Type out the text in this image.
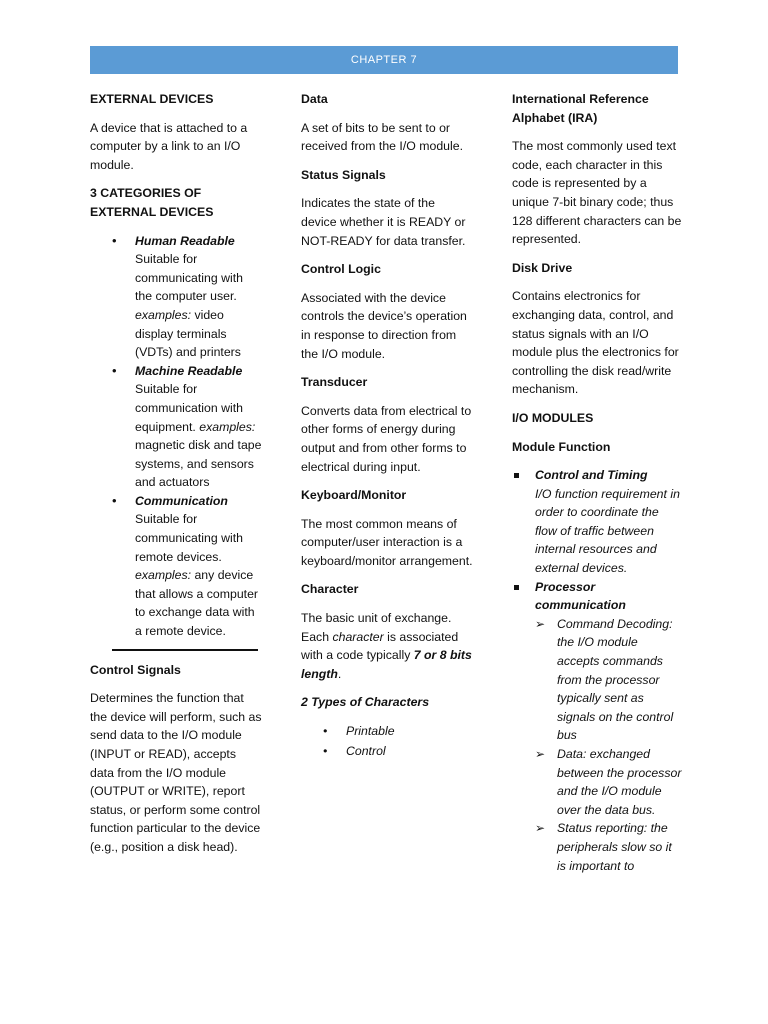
CHAPTER 7

EXTERNAL DEVICES

A device that is attached to a computer by a link to an I/O module.

3 CATEGORIES OF EXTERNAL DEVICES

• Human Readable
Suitable for communicating with the computer user. examples: video display terminals (VDTs) and printers
• Machine Readable
Suitable for communication with equipment. examples: magnetic disk and tape systems, and sensors and actuators
• Communication
Suitable for communicating with remote devices. examples: any device that allows a computer to exchange data with a remote device.

Control Signals

Determines the function that the device will perform, such as send data to the I/O module (INPUT or READ), accepts data from the I/O module (OUTPUT or WRITE), report status, or perform some control function particular to the device (e.g., position a disk head).

Data

A set of bits to be sent to or received from the I/O module.

Status Signals

Indicates the state of the device whether it is READY or NOT-READY for data transfer.

Control Logic

Associated with the device controls the device’s operation in response to direction from the I/O module.

Transducer

Converts data from electrical to other forms of energy during output and from other forms to electrical during input.

Keyboard/Monitor

The most common means of computer/user interaction is a keyboard/monitor arrangement.

Character

The basic unit of exchange. Each character is associated with a code typically 7 or 8 bits length.

2 Types of Characters

• Printable
• Control

International Reference Alphabet (IRA)

The most commonly used text code, each character in this code is represented by a unique 7-bit binary code; thus 128 different characters can be represented.

Disk Drive

Contains electronics for exchanging data, control, and status signals with an I/O module plus the electronics for controlling the disk read/write mechanism.

I/O MODULES

Module Function

Control and Timing
I/O function requirement in order to coordinate the flow of traffic between internal resources and external devices.
Processor communication
➢ Command Decoding: the I/O module accepts commands from the processor typically sent as signals on the control bus
➢ Data: exchanged between the processor and the I/O module over the data bus.
➢ Status reporting: the peripherals slow so it is important to
